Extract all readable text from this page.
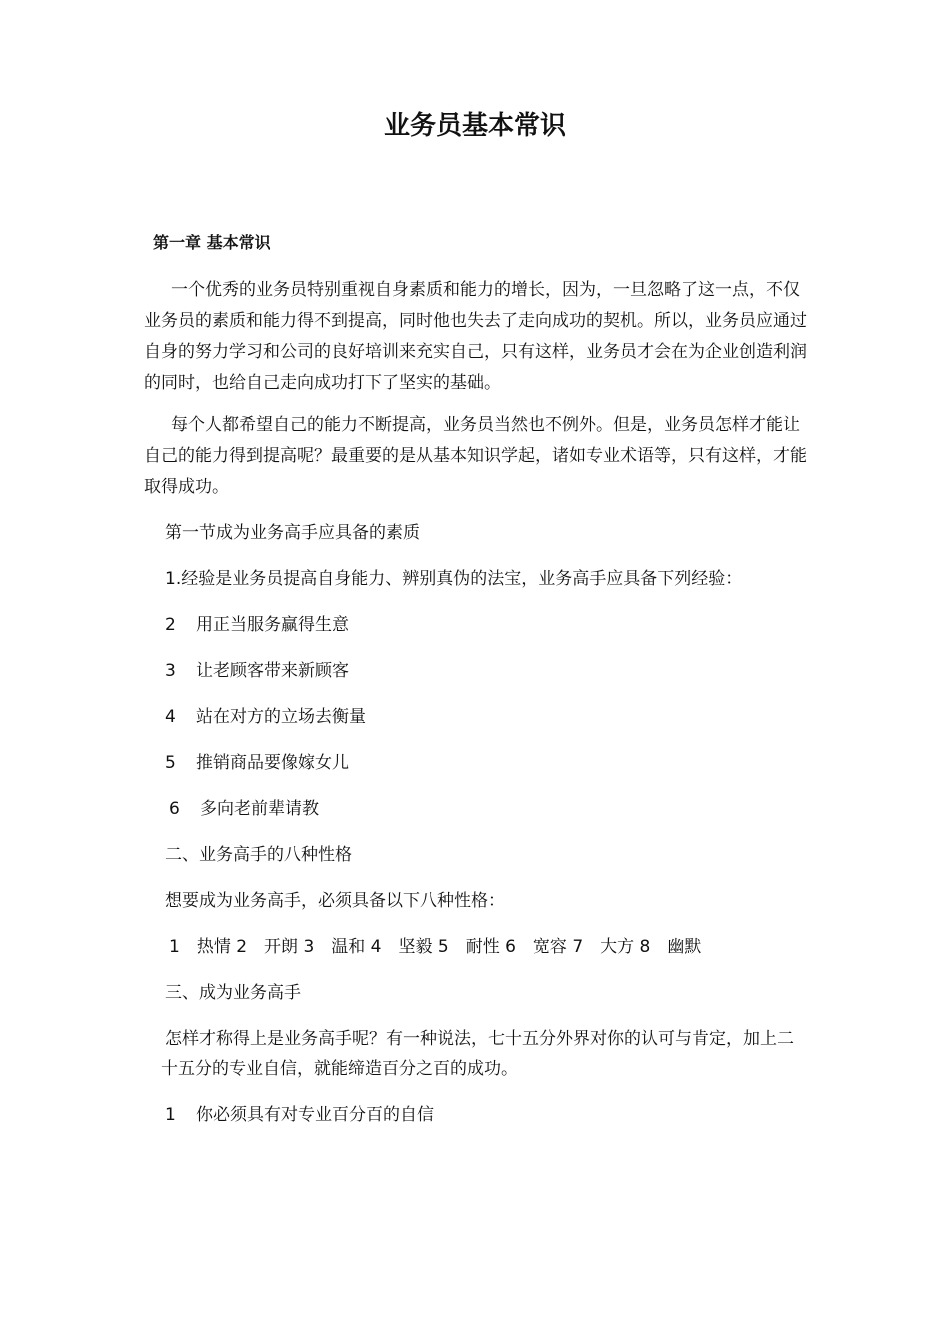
业务员基本常识
第一章 基本常识

一个优秀的业务员特别重视自身素质和能力的增长，因为，一旦忽略了这一点，不仅业务员的素质和能力得不到提高，同时他也失去了走向成功的契机。所以，业务员应通过自身的努力学习和公司的良好培训来充实自己，只有这样，业务员才会在为企业创造利润的同时，也给自己走向成功打下了坚实的基础。

每个人都希望自己的能力不断提高，业务员当然也不例外。但是，业务员怎样才能让自己的能力得到提高呢？最重要的是从基本知识学起，诸如专业术语等，只有这样，才能取得成功。

第一节成为业务高手应具备的素质

1.经验是业务员提高自身能力、辨别真伪的法宝，业务高手应具备下列经验：

2 用正当服务赢得生意

3 让老顾客带来新顾客

4 站在对方的立场去衡量

5 推销商品要像嫁女儿

6 多向老前辈请教

二、业务高手的八种性格

想要成为业务高手，必须具备以下八种性格：

1　热情 2　开朗 3　温和 4　坚毅 5　耐性 6　宽容 7　大方 8　幽默

三、成为业务高手

怎样才称得上是业务高手呢？有一种说法，七十五分外界对你的认可与肯定，加上二十五分的专业自信，就能缔造百分之百的成功。

1 你必须具有对专业百分百的自信
